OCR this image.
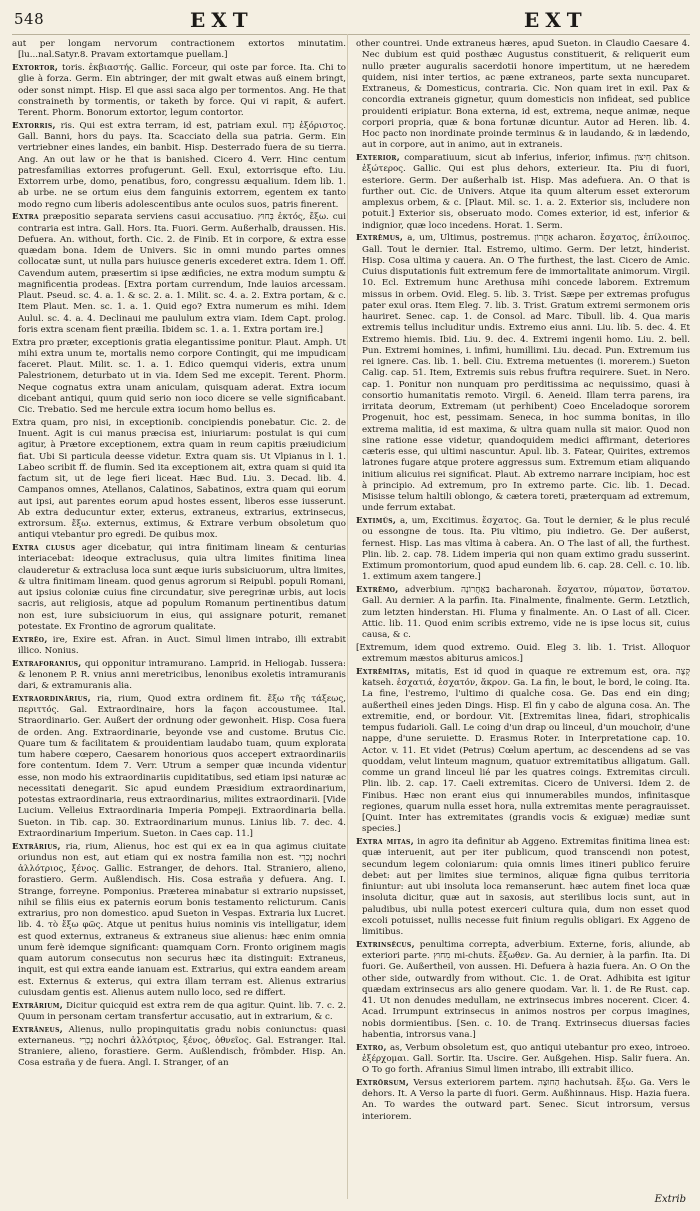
548	EXT	EXT

aut per longam nervorum contractionem extortos minutatim. [lu...nal.Satyr.8. Pravam extortamque puellam.]

Extortor, toris. ἐκβιαστής. Gallic. Forceur, qui oste par force. Ita. Chi to glie à forza. Germ. Ein abtringer, der mit gwalt etwas auß einem bringt, oder sonst nimpt. Hisp. El que assi saca algo per tormentos. Ang. He that constraineth by tormentis, or taketh by force. Qui vi rapit, & aufert. Terent. Phorm. Bonorum extortor, legum contortor.

Extorris, ris. Qui est extra terram, id est, patriam exul. נִדָּח ἐξόριστος. Gall. Banni, hors du pays. Ita. Scacciato della sua patria. Germ. Ein vertriebner eines landes, ein banbit. Hisp. Desterrado fuera de su tierra. Ang. An out law or he that is banished. Cicero 4. Verr. Hinc centum patresfamilias extorres profugerunt. Gell. Exul, extorrisque efto. Liu. Extorrem urbe, domo, penatibus, foro, congressu æqualium. Idem lib. 1. ab urbe. ne se ortum eius dem fanguinis extorrem, egentem ex tanto modo regno cum liberis adolescentibus ante oculos suos, patris finerent.

Extra præpositio separata serviens casui accusatiuo. בְּחוּץ ἐκτός, ἔξω. cui contraria est intra. Gall. Hors. Ita. Fuori. Germ. Außerhalb, draussen. His. Defuera. An. without, forth. Cic. 2. de Finib. Et in corpore, & extra esse quædam bona. Idem de Univers. Sic in omni mundo partes omnes collocatæ sunt, ut nulla pars huiusce generis excederet extra. Idem 1. Off. Cavendum autem, præsertim si ipse ædificies, ne extra modum sumptu & magnificentia prodeas. [Extra portam currendum, Inde lauios arcessam. Plaut. Pseud. sc. 4. a. 1. & sc. 2. a. 1. Milit. sc. 4. a. 2. Extra portam, & c. Item Plaut. Men. sc. 1. a. 1. Quid ego? Extra numerum es mihi. Idem Aulul. sc. 4. a. 4. Declinaui me paululum extra viam. Idem Capt. prolog. foris extra scenam fient præilia. Ibidem sc. 1. a. 1. Extra portam ire.]

Extra pro præter, exceptionis gratia elegantissime ponitur. Plaut. Amph. Ut mihi extra unum te, mortalis nemo corpore Contingit, qui me impudicam faceret. Plaut. Milit. sc. 1. a. 1. Edico quemqui videris, extra unum Palestrionem, deturbato ut in via. Idem Sed me excepit. Terent. Phorm. Neque cognatus extra unam aniculam, quisquam aderat. Extra iocum dicebant antiqui, quum quid serio non ioco dicere se velle significabant. Cic. Trebatio. Sed me hercule extra iocum homo bellus es.

Extra quam, pro nisi, in exceptionib. concipiendis ponebatur. Cic. 2. de Inuent. Agit is cui manus præcisa est, iniuriarum: postulat is qui cum agitur, à Prætore exceptionem, extra quam in reum capitis præiudicium fiat. Ubi Si particula deesse videtur. Extra quam sis. Ut Vlpianus in l. 1. Labeo scribit ff. de flumin. Sed ita exceptionem ait, extra quam si quid ita factum sit, ut de lege fieri liceat. Hæc Bud. Liu. 3. Decad. lib. 4. Campanos omnes, Atellanos, Calatinos, Sabatinos, extra quam qui eorum aut ipsi, aut parentes eorum apud hostes essent, liberos esse iusserunt. Ab extra deducuntur exter, exterus, extraneus, extrarius, extrinsecus, extrorsum. ἔξω. externus, extimus, & Extrare verbum obsoletum quo antiqui vtebantur pro egredi. De quibus mox.

Extra clusus ager dicebatur, qui intra finitimam lineam & centurias interiacebat: ideoque extraclusus, quia ultra limites finitima linea clauderetur & extraclusa loca sunt æque iuris subsiciuorum, ultra limites, & ultra finitimam lineam. quod genus agrorum si Reipubl. populi Romani, aut ipsius coloniæ cuius fine circundatur, sive peregrinæ urbis, aut locis sacris, aut religiosis, atque ad populum Romanum pertinentibus datum non est, iure subsiciuorum in eius, qui assignare poturit, remanet potestate. Ex Frontino de agrorum qualitate.

Extrĕo, ire, Exire est. Afran. in Auct. Simul limen intrabo, illi extrabit illico. Nonius.

Extraforanius, qui opponitur intramurano. Lamprid. in Heliogab. Iussera: & lenonem P. R. vnius anni meretricibus, lenonibus exoletis intramuranis dari, & extramuranis alia.

Extraordinārius, ria, rium, Quod extra ordinem fit. ἔξω τῆς τάξεως, περιττός. Gal. Extraordinaire, hors la façon accoustumee. Ital. Straordinario. Ger. Außert der ordnung oder gewonheit. Hisp. Cosa fuera de orden. Ang. Extraordinarie, beyonde vse and custome. Brutus Cic. Quare tum & facilitatem & prouidentiam laudabo tuam, quum explorata tum habere cœpero, Caesarem honorious quos accepert extraordinariis fore contentum. Idem 7. Verr. Utrum a semper quæ incunda videntur esse, non modo his extraordinariis cupiditatibus, sed etiam ipsi naturæ ac necessitati denegarit. Sic apud eundem Præsidium extraordinarium, potestas extraordinaria, reus extraordinarius, milites extraordinarii. [Vide Lucium. Velleius Extraordinaria Imperia Pompeji. Extraordinaria bella. Sueton. in Tib. cap. 30. Extraordinarium munus. Linius lib. 7. dec. 4. Extraordinarium Imperium. Sueton. in Caes cap. 11.]

Extrārius, ria, rium, Alienus, hoc est qui ex ea in qua agimus ciuitate oriundus non est, aut etiam qui ex nostra familia non est. נָכְרִי nochri ἀλλότριος, ξένος. Gallic. Estranger, de dehors. Ital. Straniero, alieno, forastiero. Germ. Außlendisch. His. Cosa estraña y defuera. Ang. I. Strange, forreyne. Pomponius. Præterea minabatur si extrario nupsisset, nihil se filiis eius ex paternis eorum bonis testamento relicturum. Canis extrarius, pro non domestico. apud Sueton in Vespas. Extraria lux Lucret. lib. 4. τὸ ἔξω φῶς. Atque ut penitus huius nominis vis intelligatur, idem est quod externus, extraneus & extraneus siue alienus: hæc enim omnia unum ferè idemque significant: quamquam Corn. Fronto originem magis quam autorum consecutus non securus hæc ita distinguit: Extraneus, inquit, est qui extra eande ianuam est. Extrarius, qui extra eandem aream est. Externus & exterus, qui extra illam terram est. Alienus extrarius cuiusdam gentis est. Alienus autem nullo loco, sed re differt.

Extrārium, Dicitur quicquid est extra rem de qua agitur. Quint. lib. 7. c. 2. Quum in personam certam transfertur accusatio, aut in extrarium, & c.

Extrāneus, Alienus, nullo propinquitatis gradu nobis coniunctus: quasi externaneus. נָכְרִי nochri ἀλλότριος, ξένος, ὀθνεῖος. Gal. Estranger. Ital. Straniere, alieno, forastiere. Germ. Außlendisch, frömbder. Hisp. An. Cosa estraña y de fuera. Angl. I. Stranger, of an

other countrei. Unde extraneus hæres, apud Sueton. in Claudio Caesare 4. Nec dubium est quid posthæc Augustus constituerit, & reliquerit eum nullo præter auguralis sacerdotii honore impertitum, ut ne hæredem quidem, nisi inter tertios, ac pæne extraneos, parte sexta nuncuparet. Extraneus, & Domesticus, contraria. Cic. Non quam iret in exil. Pax & concordia extraneis gignetur, quum domesticis non infideat, sed publice prouidenti eripiatur. Bona externa, id est, extrema, neque animæ, neque corpori propria, quæ & bona fortunæ dicuntur. Autor ad Heren. lib. 4. Hoc pacto non inordinate proinde terminus & in laudando, & in lædendo, aut in corpore, aut in animo, aut in extraneis.

Exterior, comparatiuum, sicut ab inferius, inferior, infimus. חִיצוֹן chitson. ἐξώτερος. Gallic. Qui est plus dehors, exterieur. Ita. Piu di fuori, esteriore. Germ. Der außerhalb ist. Hisp. Mas adefuera. An. O that is further out. Cic. de Univers. Atque ita quum alterum esset exterorum amplexus orbem, & c. [Plaut. Mil. sc. 1. a. 2. Exterior sis, includere non potuit.] Exterior sis, obseruato modo. Comes exterior, id est, inferior & indignior, quæ loco incedens. Horat. 1. Serm.

Extrēmus, a, um, Ultimus, postremus. אַחֲרוֹן acharon. ἔσχατος, ἐπίλοιπος. Gall. Tout le dernier. Ital. Estremo, ultimo. Germ. Der letzt, hinderist. Hisp. Cosa ultima y cauera. An. O The furthest, the last. Cicero de Amic. Cuius disputationis fuit extremum fere de immortalitate animorum. Virgil. 10. Ecl. Extremum hunc Arethusa mihi concede laborem. Extremum missus in orbem. Ovid. Eleg. 5. lib. 3. Trist. Sæpe per extremas profugus pater exul oras. Item Eleg. 7. lib. 3. Trist. Gratum extremi sermonem oris hauriret. Senec. cap. 1. de Consol. ad Marc. Tibull. lib. 4. Qua maris extremis tellus includitur undis. Extremo eius anni. Liu. lib. 5. dec. 4. Et Extremo hiemis. Ibid. Liu. 9. dec. 4. Extremi ingenii homo. Liu. 2. bell. Pun. Extremi homines, i. infimi, humillimi. Liu. decad. Pun. Extremum ius rei ignere. Cas. lib. 1. bell. Ciu. Extrema metuentes (i. morerem.) Sueton Calig. cap. 51. Item, Extremis suis rebus fruftra requirere. Suet. in Nero. cap. 1. Ponitur non nunquam pro perditissima ac nequissimo, quasi à consortio humanitatis remoto. Virgil. 6. Aeneid. Illam terra parens, ira irritata deorum, Extremam (ut perhibent) Coeo Enceladoque sororem Progenuit, hoc est, pessimam. Seneca, in hoc summa bonitas, in illo extrema malitia, id est maxima, & ultra quam nulla sit maior. Quod non sine ratione esse videtur, quandoquidem medici affirmant, deteriores cæteris esse, qui ultimi nascuntur. Apul. lib. 3. Fatear, Quirites, extremos latrones fugare atque protere aggressus sum. Extremum etiam aliquando initium alicuius rei significat. Plaut. Ab extremo narrare incipiam, hoc est à principio. Ad extremum, pro In extremo parte. Cic. lib. 1. Decad. Misisse telum haltili oblongo, & cætera toreti, præterquam ad extremum, unde ferrum extabat.

Extimŭs, a, um, Excitimus. ἔσχατος. Ga. Tout le dernier, & le plus reculé ou essongne de tous. Ita. Piu vltimo, piu indietro. Ge. Der außerst, fernest. Hisp. Las mas vltima à cabera. An. O The last of all, the furthest. Plin. lib. 2. cap. 78. Lidem imperia qui non quam extimo gradu susserint. Extimum promontorium, quod apud eundem lib. 6. cap. 28. Cell. c. 10. lib. 1. extimum axem tangere.]

Extrēmo, adverbium. בַּאַחֲרוֹנָה bacharonah. ἔσχατον, πύματον, ὕστατον. Gall. Au dernier. A la parfin. Ita. Finalmente, finalmente. Germ. Letztlich, zum letzten hinderstan. Hi. Fluma y finalmente. An. O Last of all. Cicer. Attic. lib. 11. Quod enim scribis extremo, vide ne is ipse locus sit, cuius causa, & c.

[Extremum, idem quod extremo. Ouid. Eleg 3. lib. 1. Trist. Alloquor extremum mæstos abiturus amicos.]

Extrēmĭtas, mitatis, Est id quod in quaque re extremum est, ora. קְצָה katseh. ἐσχατιά, ἐσχατόν, ἄκρον. Ga. La fin, le bout, le bord, le coing. Ita. La fine, l'estremo, l'ultimo di qualche cosa. Ge. Das end ein ding; außertheil eines jeden Dings. Hisp. El fin y cabo de alguna cosa. An. The extremitie, end, or bordour. Vit. [Extremitas linea, fidari, strophicalis tempus fudarioli. Gall. Le coing d'un drap ou linceul, d'un mouchoir, d'une nappe, d'une seruiette. D. Erasmus Roter. in Interpretatione cap. 10. Actor. v. 11. Et videt (Petrus) Cœlum apertum, ac descendens ad se vas quoddam, velut linteum magnum, quatuor extremitatibus alligatum. Gall. comme un grand linceul lié par les quatres coings. Extremitas circuli. Plin. lib. 2. cap. 17. Caeli extremitas. Cicero de Universi. Idem 2. de Finibus. Hæc non erant eius qui innumerabiles mundos, infinitasque regiones, quarum nulla esset hora, nulla extremitas mente peragrauisset. [Quint. Inter has extremitates (grandis vocis & exiguæ) mediæ sunt species.]

Extra mitas, in agro ita definitur ab Aggeno. Extremitas finitima linea est: quæ interuenit, aut per iter publicum, quod transcendi non potest, secundum legem coloniarum: quia omnis limes itineri publico feruire debet: aut per limites siue terminos, aliquæ figna quibus territoria finiuntur: aut ubi insoluta loca remanserunt. hæc autem finet loca quæ insoluta dicitur, quæ aut in saxosis, aut sterilibus locis sunt, aut in paludibus, ubi nulla potest exerceri cultura quia, dum non esset quod excoli potuisset, nullis necesse fuit finium regulis obligari. Ex Aggeno de limitibus.

Extrinsĕcus, penultima correpta, adverbium. Externe, foris, aliunde, ab exteriori parte. מִחוּץ mi-chuts. ἔξωθεν. Ga. Au dernier, à la parfin. Ita. Di fuori. Ge. Außertheil, von aussen. Hi. Defuera à hazia fuera. An. O On the other side, outwardly from without. Cic. 1. de Orat. Adhibita est igitur quædam extrinsecus ars alio genere quodam. Var. li. 1. de Re Rust. cap. 41. Ut non denudes medullam, ne extrinsecus imbres nocerent. Cicer. 4. Acad. Irrumpunt extrinsecus in animos nostros per corpus imagines, nobis dormientibus. [Sen. c. 10. de Tranq. Extrinsecus diuersas facies habentia, introrsus vana.]

Extro, as, Verbum obsoletum est, quo antiqui utebantur pro exeo, introeo. ἐξέρχομαι. Gall. Sortir. Ita. Uscire. Ger. Außgehen. Hisp. Salir fuera. An. O To go forth. Afranius Simul limen intrabo, illi extrabit illico.

Extrōrsum, Versus exteriorem partem. הַחוּצָה hachutsah. ἔξω. Ga. Vers le dehors. It. A Verso la parte di fuori. Germ. Außhinnaus. Hisp. Hazia fuera. An. To wardes the outward part. Senec. Sicut introrsum, versus interiorem.

Extrib
